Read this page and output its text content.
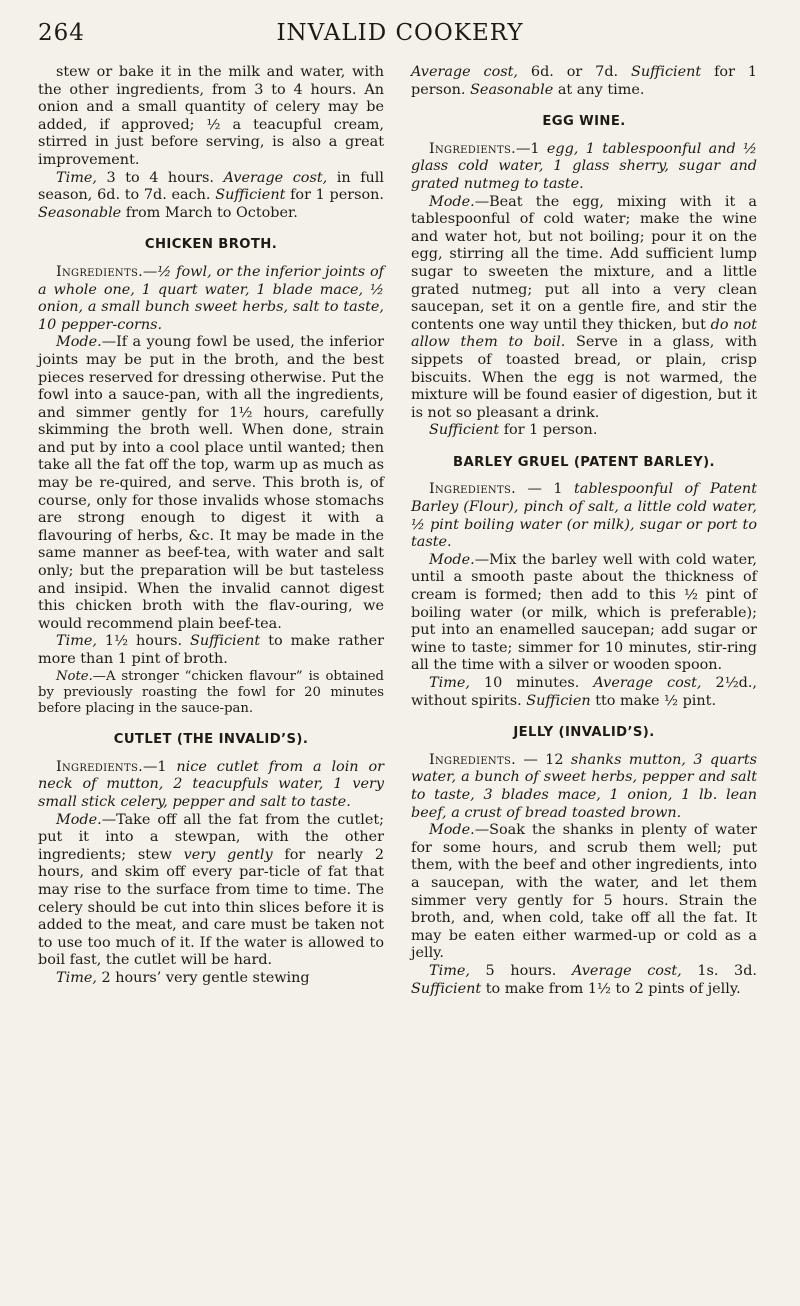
264	INVALID COOKERY

stew or bake it in the milk and water, with the other ingredients, from 3 to 4 hours. An onion and a small quantity of celery may be added, if approved; ½ a teacupful cream, stirred in just before serving, is also a great improvement.

Time, 3 to 4 hours. Average cost, in full season, 6d. to 7d. each. Sufficient for 1 person. Seasonable from March to October.

CHICKEN BROTH.

Ingredients.—½ fowl, or the inferior joints of a whole one, 1 quart water, 1 blade mace, ½ onion, a small bunch sweet herbs, salt to taste, 10 pepper-corns.

Mode.—If a young fowl be used, the inferior joints may be put in the broth, and the best pieces reserved for dressing otherwise. Put the fowl into a sauce-pan, with all the ingredients, and simmer gently for 1½ hours, carefully skimming the broth well. When done, strain and put by into a cool place until wanted; then take all the fat off the top, warm up as much as may be re-quired, and serve. This broth is, of course, only for those invalids whose stomachs are strong enough to digest it with a flavouring of herbs, &c. It may be made in the same manner as beef-tea, with water and salt only; but the preparation will be but tasteless and insipid. When the invalid cannot digest this chicken broth with the flav-ouring, we would recommend plain beef-tea.

Time, 1½ hours. Sufficient to make rather more than 1 pint of broth.

Note.—A stronger “chicken flavour” is obtained by previously roasting the fowl for 20 minutes before placing in the sauce-pan.

CUTLET (THE INVALID’S).

Ingredients.—1 nice cutlet from a loin or neck of mutton, 2 teacupfuls water, 1 very small stick celery, pepper and salt to taste.

Mode.—Take off all the fat from the cutlet; put it into a stewpan, with the other ingredients; stew very gently for nearly 2 hours, and skim off every par-ticle of fat that may rise to the surface from time to time. The celery should be cut into thin slices before it is added to the meat, and care must be taken not to use too much of it. If the water is allowed to boil fast, the cutlet will be hard.

Time, 2 hours’ very gentle stewing

Average cost, 6d. or 7d. Sufficient for 1 person. Seasonable at any time.

EGG WINE.

Ingredients.—1 egg, 1 tablespoonful and ½ glass cold water, 1 glass sherry, sugar and grated nutmeg to taste.

Mode.—Beat the egg, mixing with it a tablespoonful of cold water; make the wine and water hot, but not boiling; pour it on the egg, stirring all the time. Add sufficient lump sugar to sweeten the mixture, and a little grated nutmeg; put all into a very clean saucepan, set it on a gentle fire, and stir the contents one way until they thicken, but do not allow them to boil. Serve in a glass, with sippets of toasted bread, or plain, crisp biscuits. When the egg is not warmed, the mixture will be found easier of digestion, but it is not so pleasant a drink.

Sufficient for 1 person.

BARLEY GRUEL (PATENT BARLEY).

Ingredients. — 1 tablespoonful of Patent Barley (Flour), pinch of salt, a little cold water, ½ pint boiling water (or milk), sugar or port to taste.

Mode.—Mix the barley well with cold water, until a smooth paste about the thickness of cream is formed; then add to this ½ pint of boiling water (or milk, which is preferable); put into an enamelled saucepan; add sugar or wine to taste; simmer for 10 minutes, stir-ring all the time with a silver or wooden spoon.

Time, 10 minutes. Average cost, 2½d., without spirits. Sufficien tto make ½ pint.

JELLY (INVALID’S).

Ingredients. — 12 shanks mutton, 3 quarts water, a bunch of sweet herbs, pepper and salt to taste, 3 blades mace, 1 onion, 1 lb. lean beef, a crust of bread toasted brown.

Mode.—Soak the shanks in plenty of water for some hours, and scrub them well; put them, with the beef and other ingredients, into a saucepan, with the water, and let them simmer very gently for 5 hours. Strain the broth, and, when cold, take off all the fat. It may be eaten either warmed-up or cold as a jelly.

Time, 5 hours. Average cost, 1s. 3d. Sufficient to make from 1½ to 2 pints of jelly.
